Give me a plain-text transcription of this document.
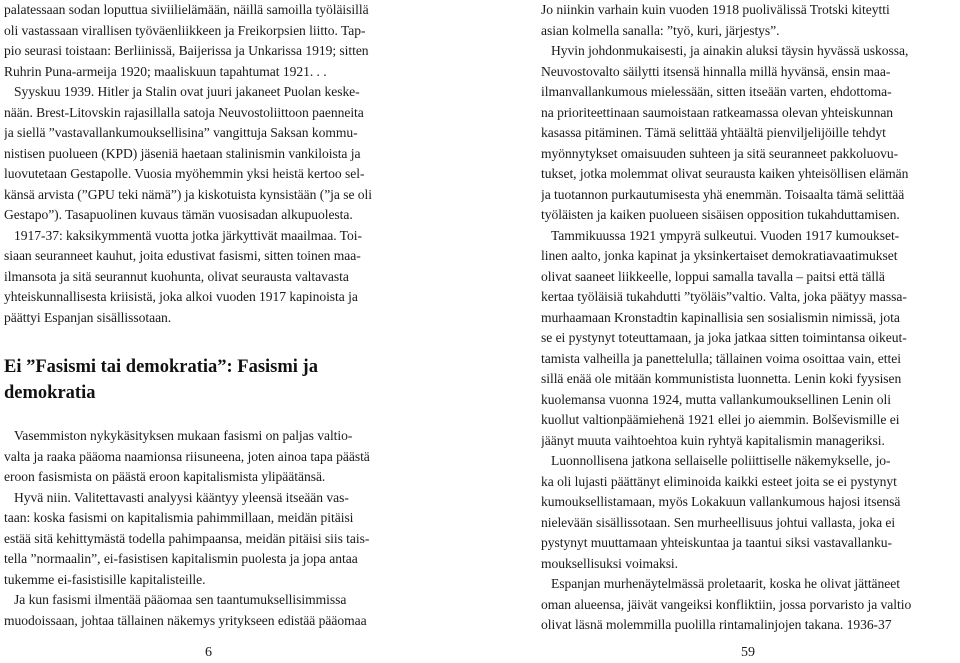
palatessaan sodan loputtua siviilielämään, näillä samoilla työläisillä
oli vastassaan virallisen työväenliikkeen ja Freikorpsien liitto. Tap-
pio seurasi toistaan: Berliinissä, Baijerissa ja Unkarissa 1919; sitten
Ruhrin Puna-armeija 1920; maaliskuun tapahtumat 1921. . .
Syyskuu 1939. Hitler ja Stalin ovat juuri jakaneet Puolan keske-
nään. Brest-Litovskin rajasillalla satoja Neuvostoliittoon paenneita
ja siellä ”vastavallankumouksellisina” vangittuja Saksan kommu-
nistisen puolueen (KPD) jäseniä haetaan stalinismin vankiloista ja
luovutetaan Gestapolle. Vuosia myöhemmin yksi heistä kertoo sel-
känsä arvista (”GPU teki nämä”) ja kiskotuista kynsistään (”ja se oli
Gestapo”). Tasapuolinen kuvaus tämän vuosisadan alkupuolesta.
1917-37: kaksikymmentä vuotta jotka järkyttivät maailmaa. Toi-
siaan seuranneet kauhut, joita edustivat fasismi, sitten toinen maa-
ilmansota ja sitä seurannut kuohunta, olivat seurausta valtavasta
yhteiskunnallisesta kriisistä, joka alkoi vuoden 1917 kapinoista ja
päättyi Espanjan sisällissotaan.
Ei ”Fasismi tai demokratia”: Fasismi ja
demokratia
Vasemmiston nykykäsityksen mukaan fasismi on paljas valtio-
valta ja raaka pääoma naamionsa riisuneena, joten ainoa tapa päästä
eroon fasismista on päästä eroon kapitalismista ylipäätänsä.
Hyvä niin. Valitettavasti analyysi kääntyy yleensä itseään vas-
taan: koska fasismi on kapitalismia pahimmillaan, meidän pitäisi
estää sitä kehittymästä todella pahimpaansa, meidän pitäisi siis tais-
tella ”normaalin”, ei-fasistisen kapitalismin puolesta ja jopa antaa
tukemme ei-fasistisille kapitalisteille.
Ja kun fasismi ilmentää pääomaa sen taantumuksellisimmissa
muodoissaan, johtaa tällainen näkemys yritykseen edistää pääomaa
Jo niinkin varhain kuin vuoden 1918 puolivälissä Trotski kiteytti
asian kolmella sanalla: ”työ, kuri, järjestys”.
Hyvin johdonmukaisesti, ja ainakin aluksi täysin hyvässä uskossa,
Neuvostovalto säilytti itsensä hinnalla millä hyvänsä, ensin maa-
ilmanvallankumous mielessään, sitten itseään varten, ehdottoma-
na prioriteettinaan saumoistaan ratkeamassa olevan yhteiskunnan
kasassa pitäminen. Tämä selittää yhtäältä pienviljelijöille tehdyt
myönnytykset omaisuuden suhteen ja sitä seuranneet pakkoluovu-
tukset, jotka molemmat olivat seurausta kaiken yhteisöllisen elämän
ja tuotannon purkautumisesta yhä enemmän. Toisaalta tämä selittää
työläisten ja kaiken puolueen sisäisen opposition tukahduttamisen.
Tammikuussa 1921 ympyrä sulkeutui. Vuoden 1917 kumoukset-
linen aalto, jonka kapinat ja yksinkertaiset demokratiavaatimukset
olivat saaneet liikkeelle, loppui samalla tavalla – paitsi että tällä
kertaa työläisiä tukahdutti ”työläis”valtio. Valta, joka päätyy massa-
murhaamaan Kronstadtin kapinallisia sen sosialismin nimissä, jota
se ei pystynyt toteuttamaan, ja joka jatkaa sitten toimintansa oikeut-
tamista valheilla ja panettelulla; tällainen voima osoittaa vain, ettei
sillä enää ole mitään kommunistista luonnetta. Lenin koki fyysisen
kuolemansa vuonna 1924, mutta vallankumouksellinen Lenin oli
kuollut valtionpäämiehenä 1921 ellei jo aiemmin. Bolševismille ei
jäänyt muuta vaihtoehtoa kuin ryhtyä kapitalismin manageriksi.
Luonnollisena jatkona sellaiselle poliittiselle näkemykselle, jo-
ka oli lujasti päättänyt eliminoida kaikki esteet joita se ei pystynyt
kumouksellistamaan, myös Lokakuun vallankumous hajosi itsensä
nielevään sisällissotaan. Sen murheellisuus johtui vallasta, joka ei
pystynyt muuttamaan yhteiskuntaa ja taantui siksi vastavallanku-
mouksellisuksi voimaksi.
Espanjan murhenäytelmässä proletaarit, koska he olivat jättäneet
oman alueensa, jäivät vangeiksi konfliktiin, jossa porvaristo ja valtio
olivat läsnä molemmilla puolilla rintamalinjojen takana. 1936-37
6	59
